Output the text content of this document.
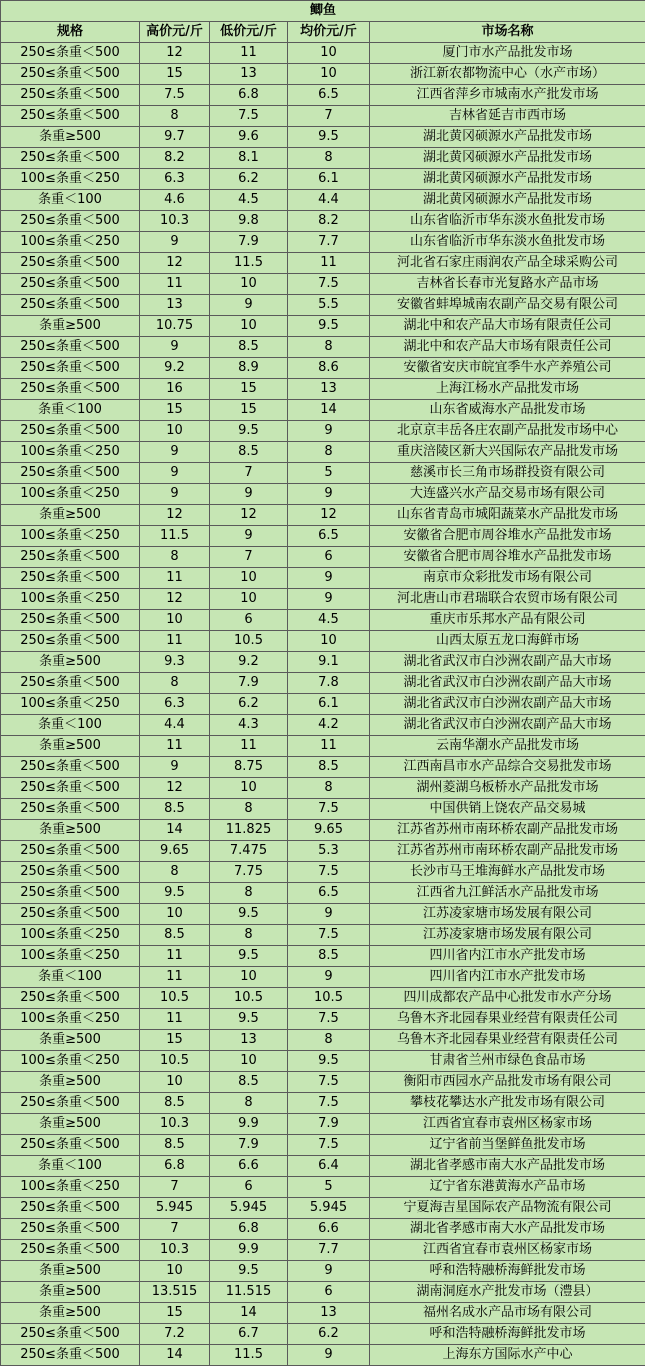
鲫鱼
规格	高价元/斤	低价元/斤	均价元/斤	市场名称
250≤条重＜500	12	11	10	厦门市水产品批发市场
250≤条重＜500	15	13	10	浙江新农都物流中心（水产市场）
250≤条重＜500	7.5	6.8	6.5	江西省萍乡市城南水产批发市场
250≤条重＜500	8	7.5	7	吉林省延吉市西市场
条重≥500	9.7	9.6	9.5	湖北黄冈硕源水产品批发市场
250≤条重＜500	8.2	8.1	8	湖北黄冈硕源水产品批发市场
100≤条重＜250	6.3	6.2	6.1	湖北黄冈硕源水产品批发市场
条重＜100	4.6	4.5	4.4	湖北黄冈硕源水产品批发市场
250≤条重＜500	10.3	9.8	8.2	山东省临沂市华东淡水鱼批发市场
100≤条重＜250	9	7.9	7.7	山东省临沂市华东淡水鱼批发市场
250≤条重＜500	12	11.5	11	河北省石家庄雨润农产品全球采购公司
250≤条重＜500	11	10	7.5	吉林省长春市光复路水产品市场
250≤条重＜500	13	9	5.5	安徽省蚌埠城南农副产品交易有限公司
条重≥500	10.75	10	9.5	湖北中和农产品大市场有限责任公司
250≤条重＜500	9	8.5	8	湖北中和农产品大市场有限责任公司
250≤条重＜500	9.2	8.9	8.6	安徽省安庆市皖宜季牛水产养殖公司
250≤条重＜500	16	15	13	上海江杨水产品批发市场
条重＜100	15	15	14	山东省威海水产品批发市场
250≤条重＜500	10	9.5	9	北京京丰岳各庄农副产品批发市场中心
100≤条重＜250	9	8.5	8	重庆涪陵区新大兴国际农产品批发市场
250≤条重＜500	9	7	5	慈溪市长三角市场群投资有限公司
100≤条重＜250	9	9	9	大连盛兴水产品交易市场有限公司
条重≥500	12	12	12	山东省青岛市城阳蔬菜水产品批发市场
100≤条重＜250	11.5	9	6.5	安徽省合肥市周谷堆水产品批发市场
250≤条重＜500	8	7	6	安徽省合肥市周谷堆水产品批发市场
250≤条重＜500	11	10	9	南京市众彩批发市场有限公司
100≤条重＜250	12	10	9	河北唐山市君瑞联合农贸市场有限公司
250≤条重＜500	10	6	4.5	重庆市乐邦水产品有限公司
250≤条重＜500	11	10.5	10	山西太原五龙口海鲜市场
条重≥500	9.3	9.2	9.1	湖北省武汉市白沙洲农副产品大市场
250≤条重＜500	8	7.9	7.8	湖北省武汉市白沙洲农副产品大市场
100≤条重＜250	6.3	6.2	6.1	湖北省武汉市白沙洲农副产品大市场
条重＜100	4.4	4.3	4.2	湖北省武汉市白沙洲农副产品大市场
条重≥500	11	11	11	云南华潮水产品批发市场
250≤条重＜500	9	8.75	8.5	江西南昌市水产品综合交易批发市场
250≤条重＜500	12	10	8	湖州菱湖乌板桥水产品批发市场
250≤条重＜500	8.5	8	7.5	中国供销上饶农产品交易城
条重≥500	14	11.825	9.65	江苏省苏州市南环桥农副产品批发市场
250≤条重＜500	9.65	7.475	5.3	江苏省苏州市南环桥农副产品批发市场
250≤条重＜500	8	7.75	7.5	长沙市马王堆海鲜水产品批发市场
250≤条重＜500	9.5	8	6.5	江西省九江鲜活水产品批发市场
250≤条重＜500	10	9.5	9	江苏凌家塘市场发展有限公司
100≤条重＜250	8.5	8	7.5	江苏凌家塘市场发展有限公司
100≤条重＜250	11	9.5	8.5	四川省内江市水产批发市场
条重＜100	11	10	9	四川省内江市水产批发市场
250≤条重＜500	10.5	10.5	10.5	四川成都农产品中心批发市水产分场
100≤条重＜250	11	9.5	7.5	乌鲁木齐北园春果业经营有限责任公司
条重≥500	15	13	8	乌鲁木齐北园春果业经营有限责任公司
100≤条重＜250	10.5	10	9.5	甘肃省兰州市绿色食品市场
条重≥500	10	8.5	7.5	衡阳市西园水产品批发市场有限公司
250≤条重＜500	8.5	8	7.5	攀枝花攀达水产批发市场有限公司
条重≥500	10.3	9.9	7.9	江西省宜春市袁州区杨家市场
250≤条重＜500	8.5	7.9	7.5	辽宁省前当堡鲜鱼批发市场
条重＜100	6.8	6.6	6.4	湖北省孝感市南大水产品批发市场
100≤条重＜250	7	6	5	辽宁省东港黄海水产品市场
250≤条重＜500	5.945	5.945	5.945	宁夏海吉星国际农产品物流有限公司
250≤条重＜500	7	6.8	6.6	湖北省孝感市南大水产品批发市场
250≤条重＜500	10.3	9.9	7.7	江西省宜春市袁州区杨家市场
条重≥500	10	9.5	9	呼和浩特融桥海鲜批发市场
条重≥500	13.515	11.515	6	湖南洞庭水产批发市场（澧县）
条重≥500	15	14	13	福州名成水产品市场有限公司
250≤条重＜500	7.2	6.7	6.2	呼和浩特融桥海鲜批发市场
250≤条重＜500	14	11.5	9	上海东方国际水产中心
